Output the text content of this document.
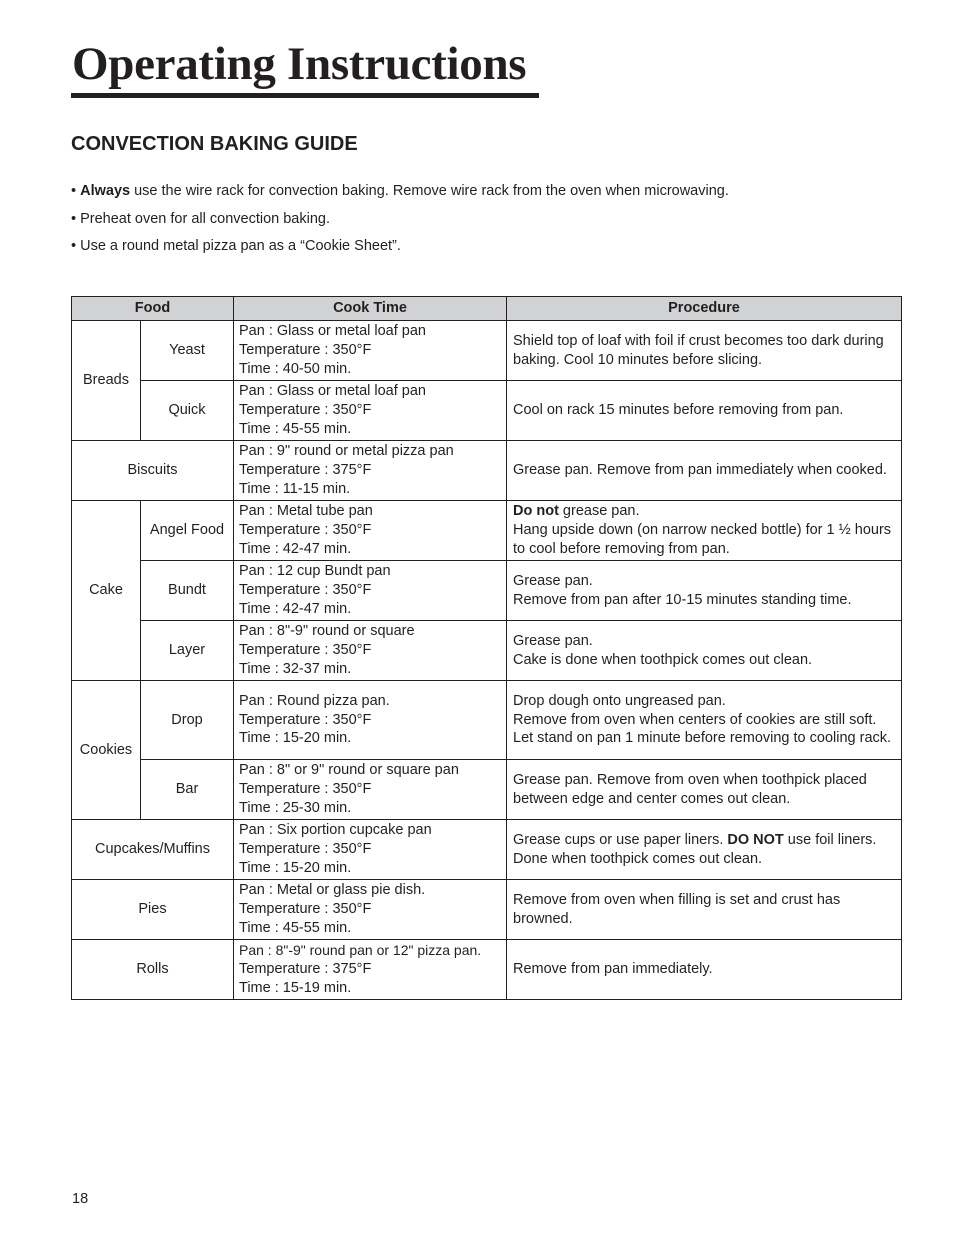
Operating Instructions
CONVECTION BAKING GUIDE
• Always use the wire rack for convection baking. Remove wire rack from the oven when microwaving.
• Preheat oven for all convection baking.
• Use a round metal pizza pan as a “Cookie Sheet”.
Food		Cook Time	Procedure
Breads	Yeast	Pan : Glass or metal loaf pan
Temperature : 350°F
Time : 40-50 min.	Shield top of loaf with foil if crust becomes too dark during baking. Cool 10 minutes before slicing.

	Quick	Pan : Glass or metal loaf pan
Temperature : 350°F
Time : 45-55 min.	Cool on rack 15 minutes before removing from pan.

Biscuits		Pan : 9" round or metal pizza pan
Temperature : 375°F
Time : 11-15 min.	Grease pan. Remove from pan immediately when cooked.

Cake	Angel Food	Pan : Metal tube pan
Temperature : 350°F
Time : 42-47 min.	Do not grease pan.
Hang upside down (on narrow necked bottle) for 1 ½ hours to cool before removing from pan.

	Bundt	Pan : 12 cup Bundt pan
Temperature : 350°F
Time : 42-47 min.	Grease pan.
Remove from pan after 10-15 minutes standing time.

	Layer	Pan : 8"-9" round or square
Temperature : 350°F
Time : 32-37 min.	Grease pan.
Cake is done when toothpick comes out clean.

Cookies	Drop	Pan : Round pizza pan.
Temperature : 350°F
Time : 15-20 min.	Drop dough onto ungreased pan.
Remove from oven when centers of cookies are still soft. Let stand on pan 1 minute before removing to cooling rack.

	Bar	Pan : 8" or 9" round or square pan
Temperature : 350°F
Time : 25-30 min.	Grease pan. Remove from oven when toothpick placed between edge and center comes out clean.

Cupcakes/Muffins		Pan : Six portion cupcake pan
Temperature : 350°F
Time : 15-20 min.	Grease cups or use paper liners. DO NOT use foil liners.
Done when toothpick comes out clean.

Pies		Pan : Metal or glass pie dish.
Temperature : 350°F
Time : 45-55 min.	Remove from oven when filling is set and crust has browned.

Rolls		Pan : 8"-9" round pan or 12" pizza pan.
Temperature : 375°F
Time : 15-19 min.	Remove from pan immediately.
18
